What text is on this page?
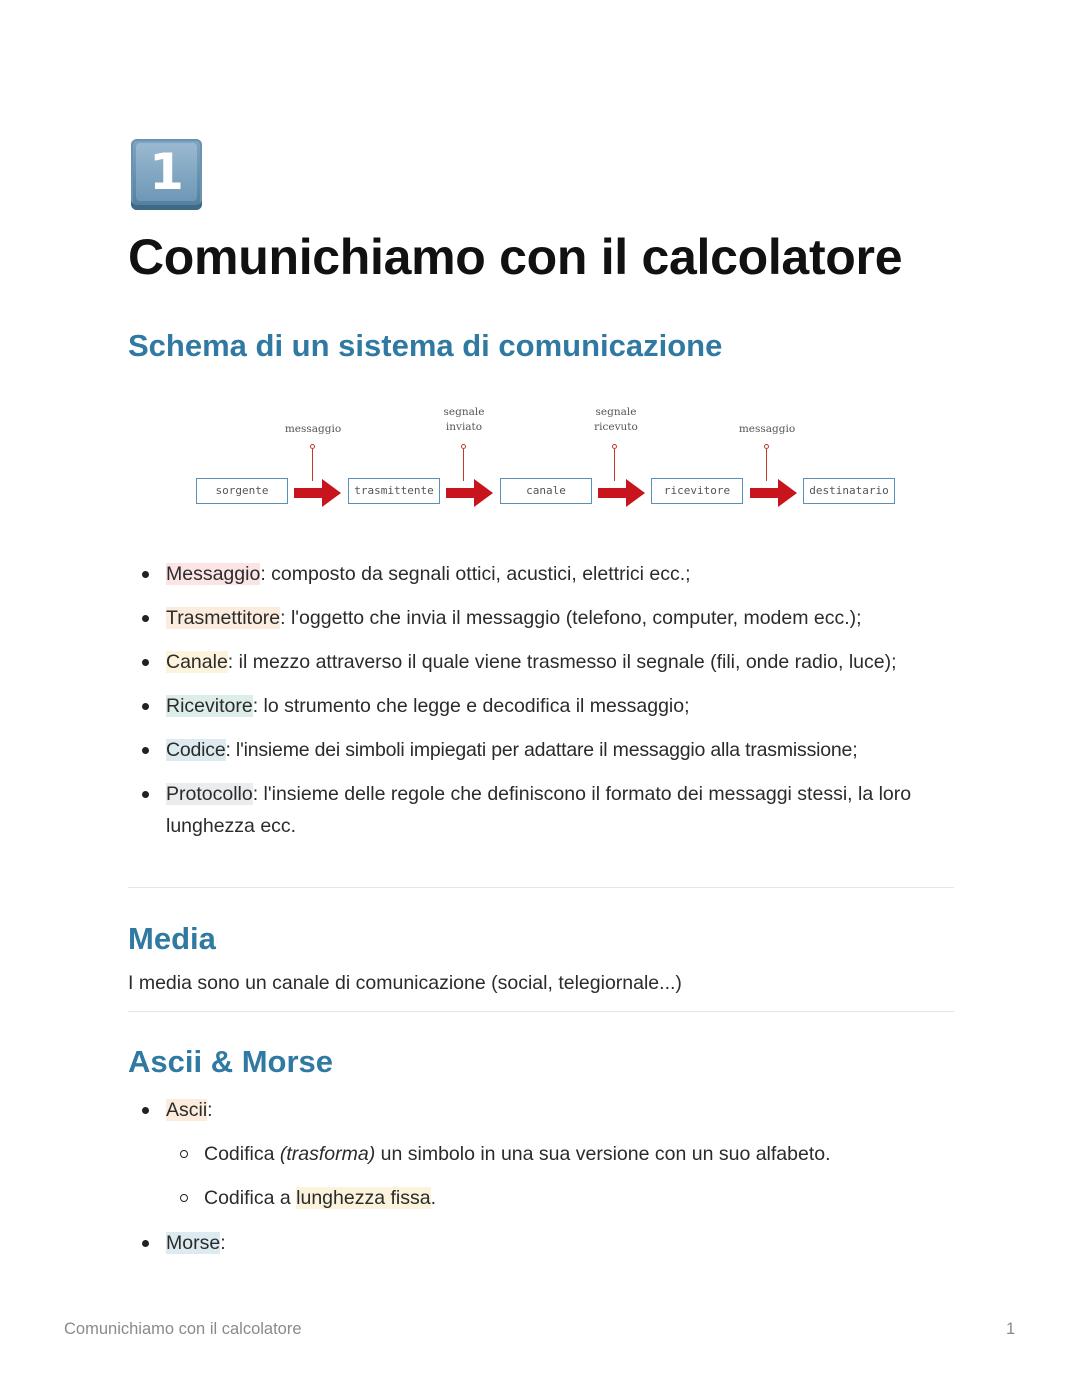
1
Comunichiamo con il calcolatore
Schema di un sistema di comunicazione
sorgente	trasmittente	canale	ricevitore	destinatario
messaggio
segnale inviato
segnale ricevuto	messaggio
Messaggio: composto da segnali ottici, acustici, elettrici ecc.;
Trasmettitore: l'oggetto che invia il messaggio (telefono, computer, modem ecc.);
Canale: il mezzo attraverso il quale viene trasmesso il segnale (fili, onde radio, luce);
Ricevitore: lo strumento che legge e decodifica il messaggio;
Codice: l'insieme dei simboli impiegati per adattare il messaggio alla trasmissione;
Protocollo: l'insieme delle regole che definiscono il formato dei messaggi stessi, la loro lunghezza ecc.
Media
I media sono un canale di comunicazione (social, telegiornale...)
Ascii & Morse
Ascii:
Codifica (trasforma) un simbolo in una sua versione con un suo alfabeto.
Codifica a lunghezza fissa.
Morse:
Comunichiamo con il calcolatore	1
